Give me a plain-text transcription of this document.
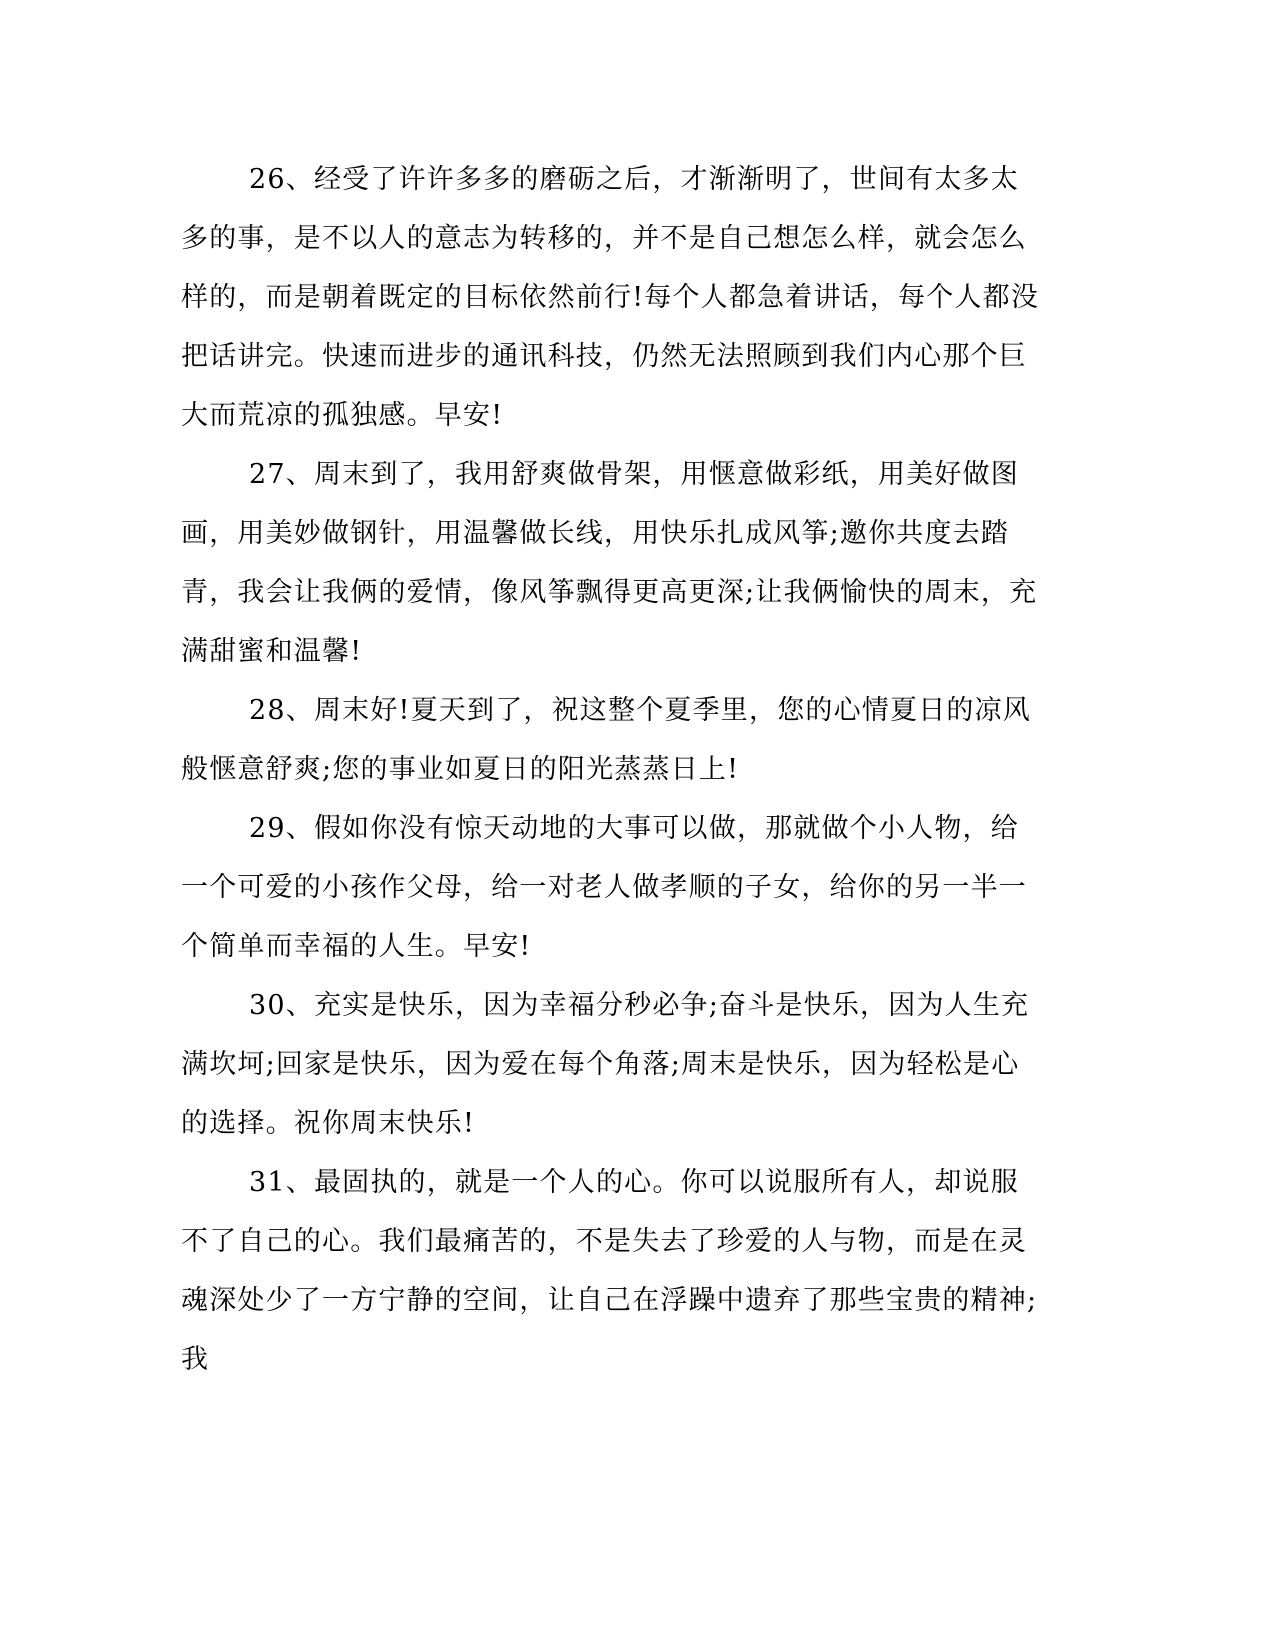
26、经受了许许多多的磨砺之后，才渐渐明了，世间有太多太多的事，是不以人的意志为转移的，并不是自己想怎么样，就会怎么样的，而是朝着既定的目标依然前行!每个人都急着讲话，每个人都没把话讲完。快速而进步的通讯科技，仍然无法照顾到我们内心那个巨大而荒凉的孤独感。早安!

27、周末到了，我用舒爽做骨架，用惬意做彩纸，用美好做图画，用美妙做钢针，用温馨做长线，用快乐扎成风筝;邀你共度去踏青，我会让我俩的爱情，像风筝飘得更高更深;让我俩愉快的周末，充满甜蜜和温馨!

28、周末好!夏天到了，祝这整个夏季里，您的心情夏日的凉风般惬意舒爽;您的事业如夏日的阳光蒸蒸日上!

29、假如你没有惊天动地的大事可以做，那就做个小人物，给一个可爱的小孩作父母，给一对老人做孝顺的子女，给你的另一半一个简单而幸福的人生。早安!

30、充实是快乐，因为幸福分秒必争;奋斗是快乐，因为人生充满坎坷;回家是快乐，因为爱在每个角落;周末是快乐，因为轻松是心的选择。祝你周末快乐!

31、最固执的，就是一个人的心。你可以说服所有人，却说服不了自己的心。我们最痛苦的，不是失去了珍爱的人与物，而是在灵魂深处少了一方宁静的空间，让自己在浮躁中遗弃了那些宝贵的精神;我
